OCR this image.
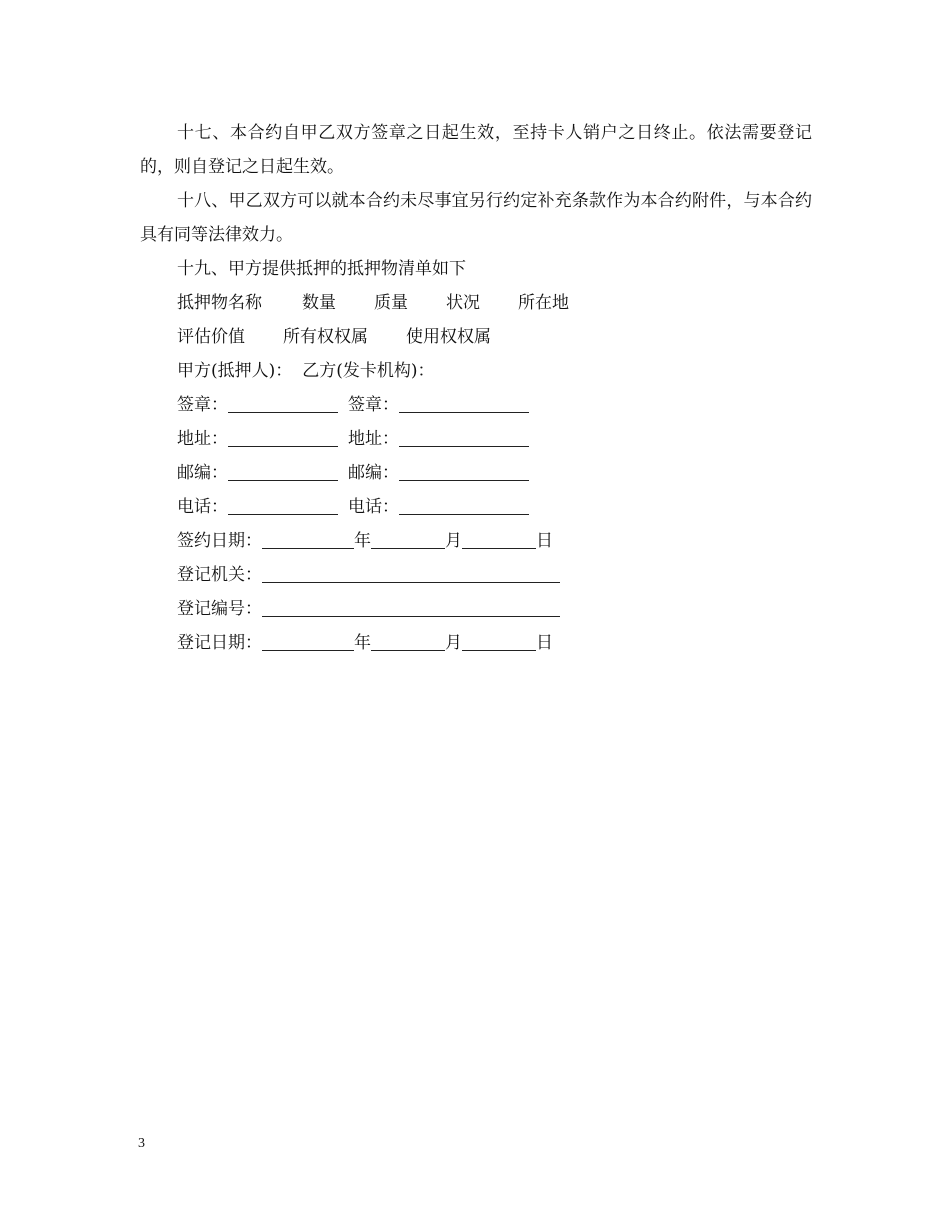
十七、本合约自甲乙双方签章之日起生效，至持卡人销户之日终止。依法需要登记的，则自登记之日起生效。

十八、甲乙双方可以就本合约未尽事宜另行约定补充条款作为本合约附件，与本合约具有同等法律效力。

十九、甲方提供抵押的抵押物清单如下

抵押物名称 数量 质量 状况 所在地
评估价值 所有权权属 使用权权属
甲方(抵押人)： 乙方(发卡机构)：
签章：	签章：
地址：	地址：
邮编：	邮编：
电话：	电话：
签约日期：	年	月	日
登记机关：
登记编号：
登记日期：	年	月	日
3
